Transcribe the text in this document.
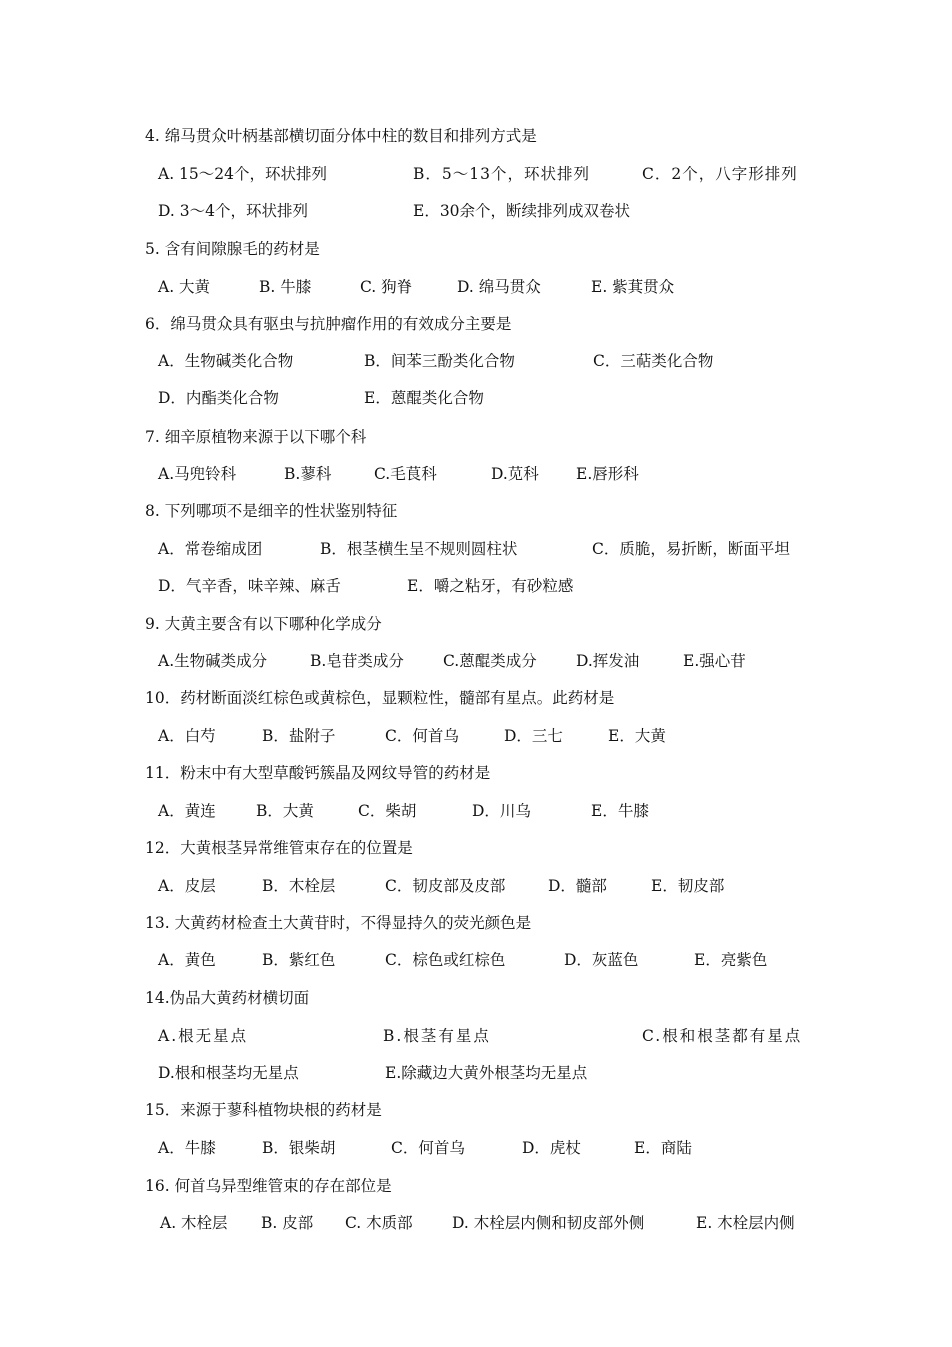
4. 绵马贯众叶柄基部横切面分体中柱的数目和排列方式是
A. 15～24个，环状排列	B．5～13个，环状排列	C．2个，八字形排列
D. 3～4个，环状排列	E．30余个，断续排列成双卷状
5. 含有间隙腺毛的药材是
A. 大黄	B. 牛膝	C. 狗脊	D. 绵马贯众	E. 紫萁贯众
6．绵马贯众具有驱虫与抗肿瘤作用的有效成分主要是
A．生物碱类化合物	B．间苯三酚类化合物	C．三萜类化合物
D．内酯类化合物	E．蒽醌类化合物
7. 细辛原植物来源于以下哪个科
A.马兜铃科	B.蓼科	C.毛茛科	D.苋科 E.唇形科
8. 下列哪项不是细辛的性状鉴别特征
A．常卷缩成团	B．根茎横生呈不规则圆柱状	C．质脆，易折断，断面平坦
D．气辛香，味辛辣、麻舌	E．嚼之粘牙，有砂粒感
9. 大黄主要含有以下哪种化学成分
A.生物碱类成分	B.皂苷类成分	C.蒽醌类成分	D.挥发油	E.强心苷
10．药材断面淡红棕色或黄棕色，显颗粒性，髓部有星点。此药材是
A．白芍	B．盐附子	C．何首乌	D．三七	E．大黄
11．粉末中有大型草酸钙簇晶及网纹导管的药材是
A．黄连	B．大黄	C．柴胡	D．川乌	E．牛膝
12．大黄根茎异常维管束存在的位置是
A．皮层	B．木栓层	C．韧皮部及皮部	D．髓部	E．韧皮部
13. 大黄药材检查土大黄苷时，不得显持久的荧光颜色是
A．黄色	B．紫红色	C．棕色或红棕色	D．灰蓝色	E．亮紫色
14.伪品大黄药材横切面
A.根无星点	B.根茎有星点	C.根和根茎都有星点
D.根和根茎均无星点	E.除藏边大黄外根茎均无星点
15．来源于蓼科植物块根的药材是
A．牛膝	B．银柴胡	C．何首乌	D．虎杖	E．商陆
16. 何首乌异型维管束的存在部位是
A. 木栓层 B. 皮部 C. 木质部	D. 木栓层内侧和韧皮部外侧	E. 木栓层内侧
